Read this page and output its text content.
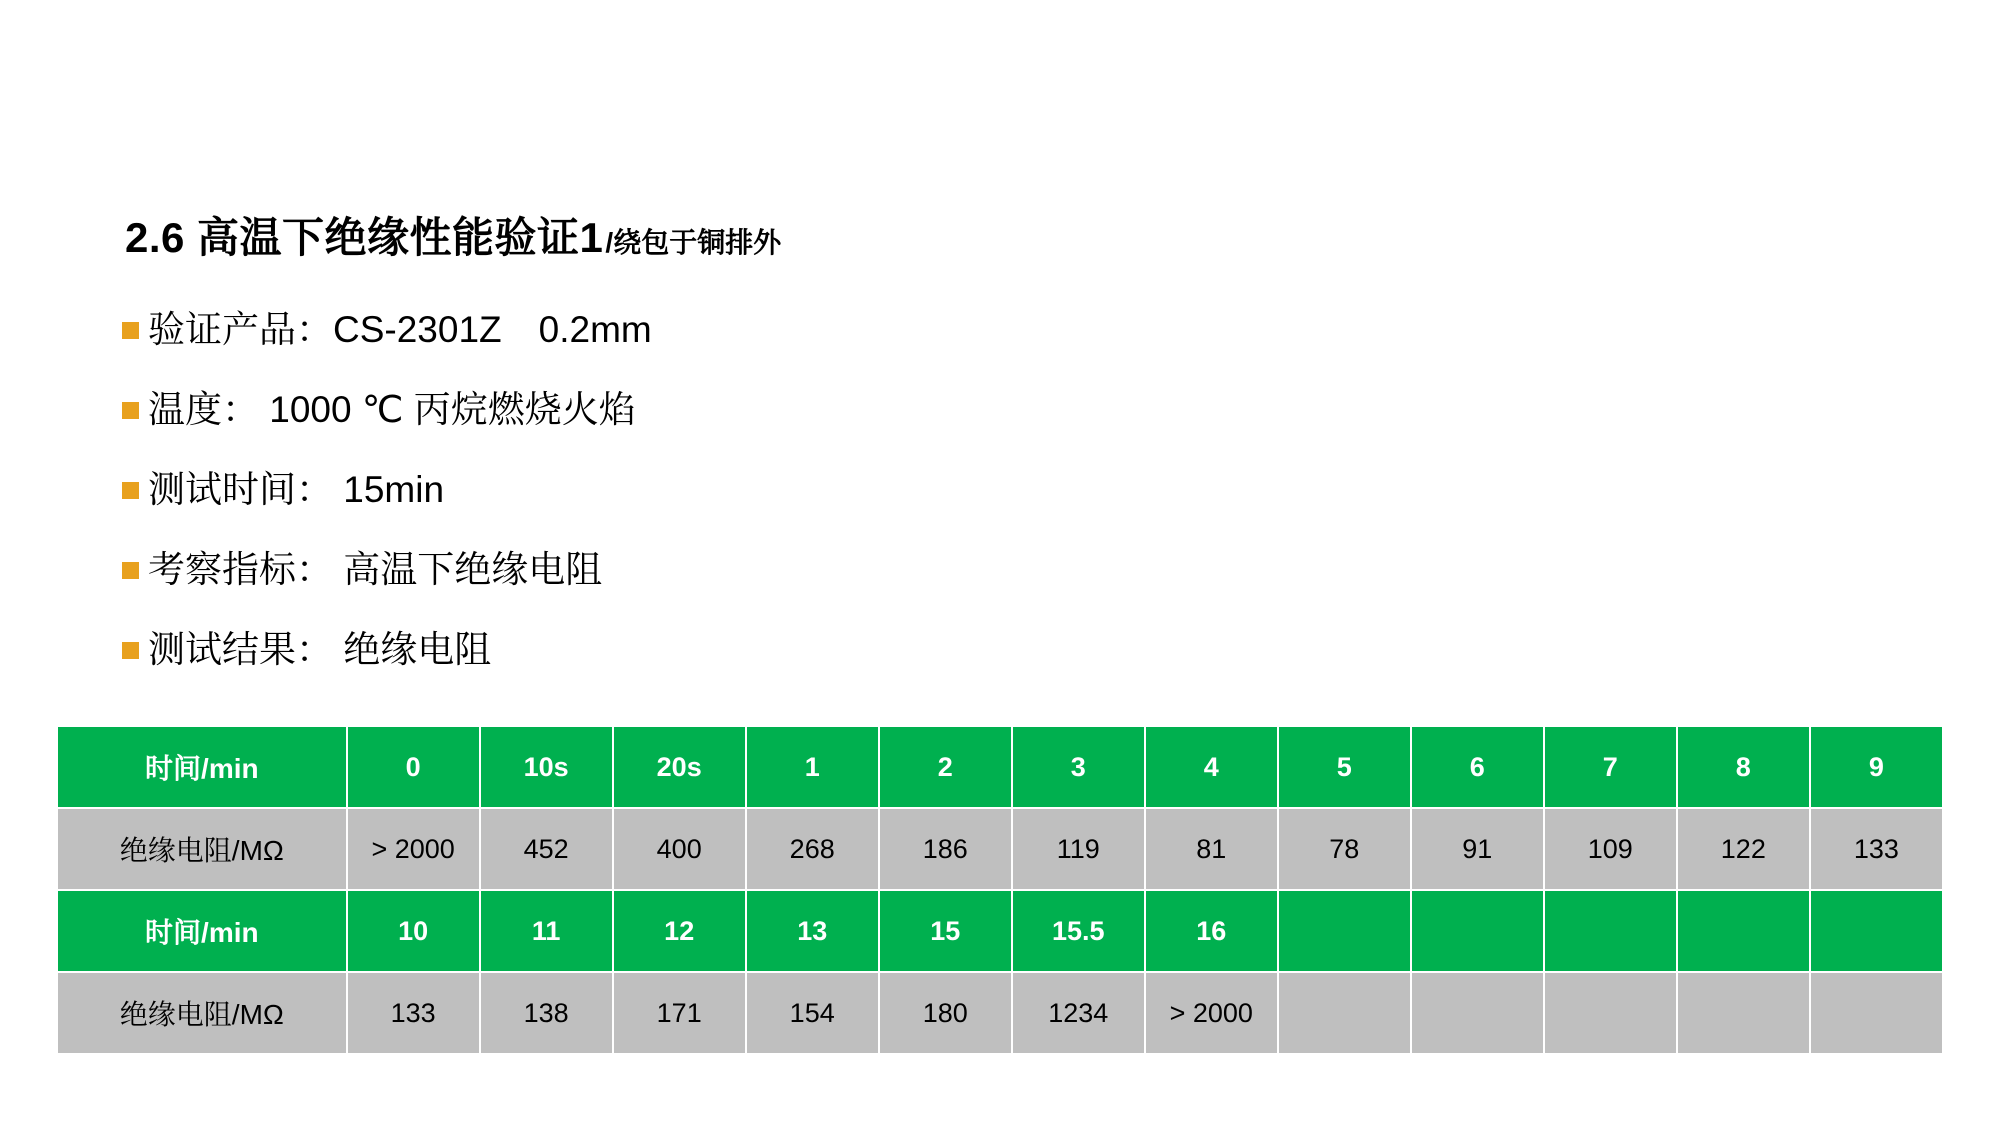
2.6 高温下绝缘性能验证1 /绕包于铜排外
验证产品：CS-2301Z　0.2mm
温度： 1000 ℃ 丙烷燃烧火焰
测试时间： 15min
考察指标： 高温下绝缘电阻
测试结果： 绝缘电阻
时间/min	0	10s	20s	1	2	3	4	5	6	7	8	9
绝缘电阻/MΩ	> 2000	452	400	268	186	119	81	78	91	109	122	133
时间/min	10	11	12	13	15	15.5	16					
绝缘电阻/MΩ	133	138	171	154	180	1234	> 2000					
